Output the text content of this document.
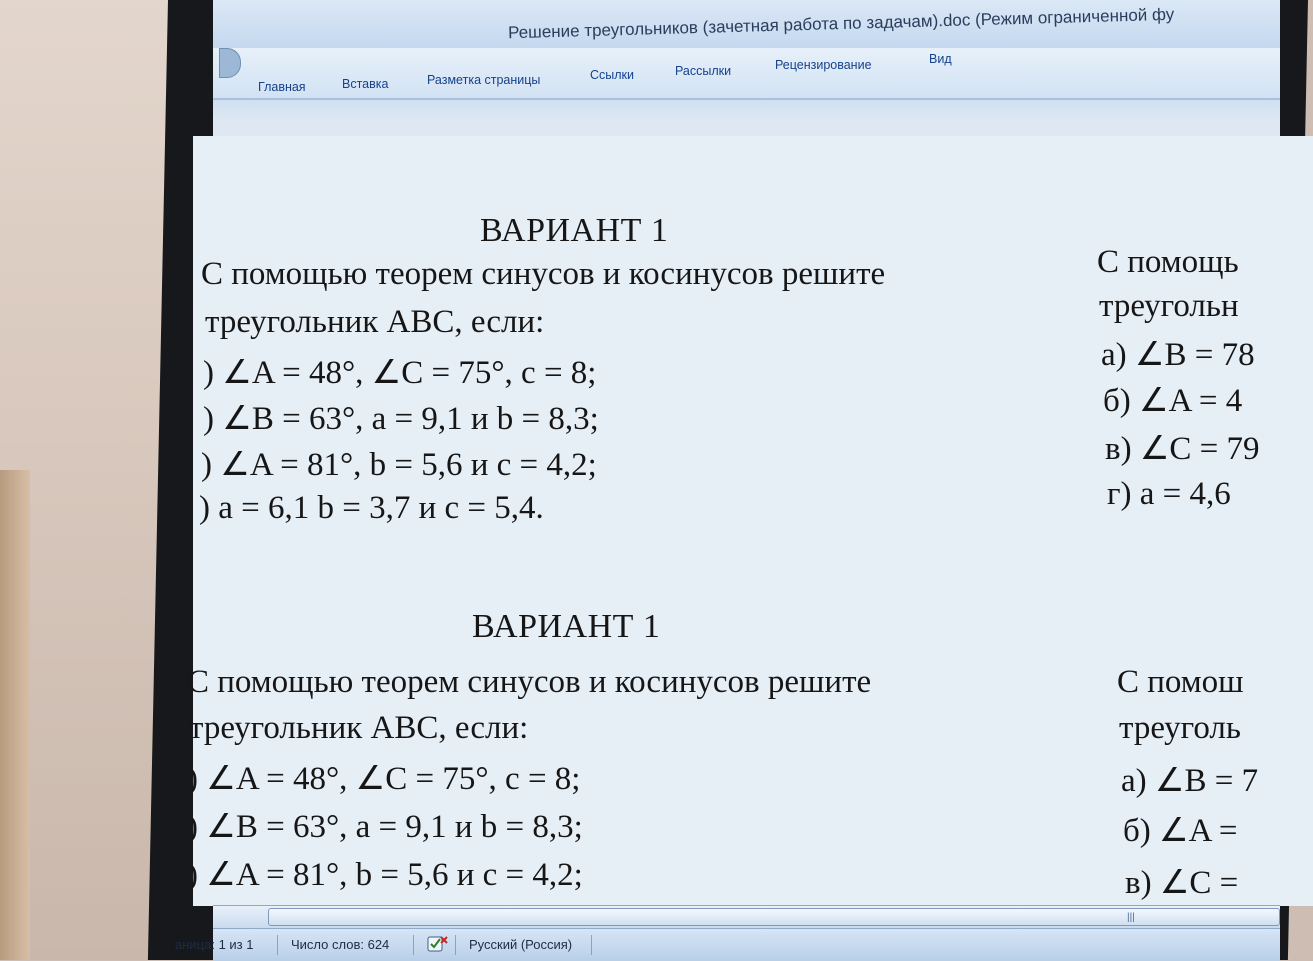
Решение треугольников (зачетная работа по задачам).doc (Режим ограниченной фу
Главная	Вставка	Разметка страницы	Ссылки	Рассылки	Рецензирование	Вид
ВАРИАНТ 1
С помощью теорем синусов и косинусов решите
треугольник АВС, если:
) ∠A = 48°, ∠C = 75°, c = 8;
) ∠B = 63°, a = 9,1 и b = 8,3;
) ∠A = 81°, b = 5,6 и c = 4,2;
) a = 6,1 b = 3,7 и c = 5,4.
С помощь
треугольн
а) ∠B = 78
б) ∠A = 4
в) ∠C = 79
г) a = 4,6
ВАРИАНТ 1
С помощью теорем синусов и косинусов решите
треугольник АВС, если:
) ∠A = 48°, ∠C = 75°, c = 8;
) ∠B = 63°, a = 9,1 и b = 8,3;
) ∠A = 81°, b = 5,6 и c = 4,2;
С помош
треуголь
а) ∠B = 7
б) ∠A =
в) ∠C =
|||
аница: 1 из 1	Число слов: 624	Русский (Россия)
